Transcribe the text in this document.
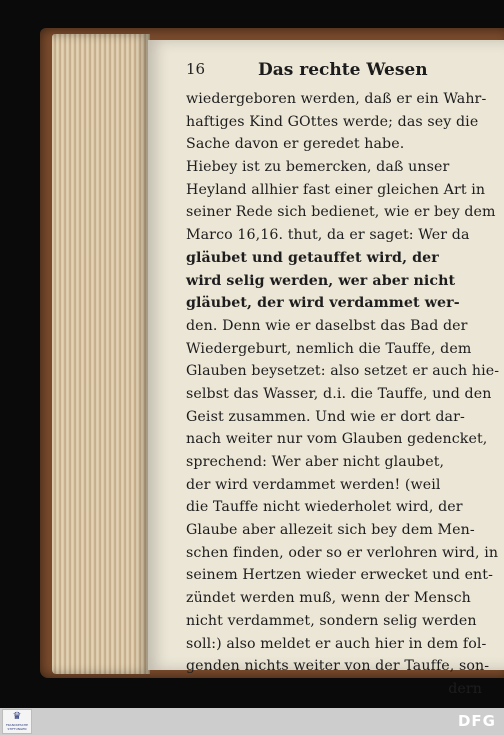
16	Das rechte Wesen
wiedergeboren werden, daß er ein Wahr-
haftiges Kind GOttes werde; das sey die
Sache davon er geredet habe.
Hiebey ist zu bemercken, daß unser
Heyland allhier fast einer gleichen Art in
seiner Rede sich bedienet, wie er bey dem
Marco 16,16. thut, da er saget: Wer da
gläubet und getauffet wird, der
wird selig werden, wer aber nicht
gläubet, der wird verdammet wer-
den. Denn wie er daselbst das Bad der
Wiedergeburt, nemlich die Tauffe, dem
Glauben beysetzet: also setzet er auch hie-
selbst das Wasser, d.i. die Tauffe, und den
Geist zusammen. Und wie er dort dar-
nach weiter nur vom Glauben gedencket,
sprechend: Wer aber nicht glaubet,
der wird verdammet werden! (weil
die Tauffe nicht wiederholet wird, der
Glaube aber allezeit sich bey dem Men-
schen finden, oder so er verlohren wird, in
seinem Hertzen wieder erwecket und ent-
zündet werden muß, wenn der Mensch
nicht verdammet, sondern selig werden
soll:) also meldet er auch hier in dem fol-
genden nichts weiter von der Tauffe, son-
dern
♛
FRANCKESCHE STIFTUNGEN	DFG
